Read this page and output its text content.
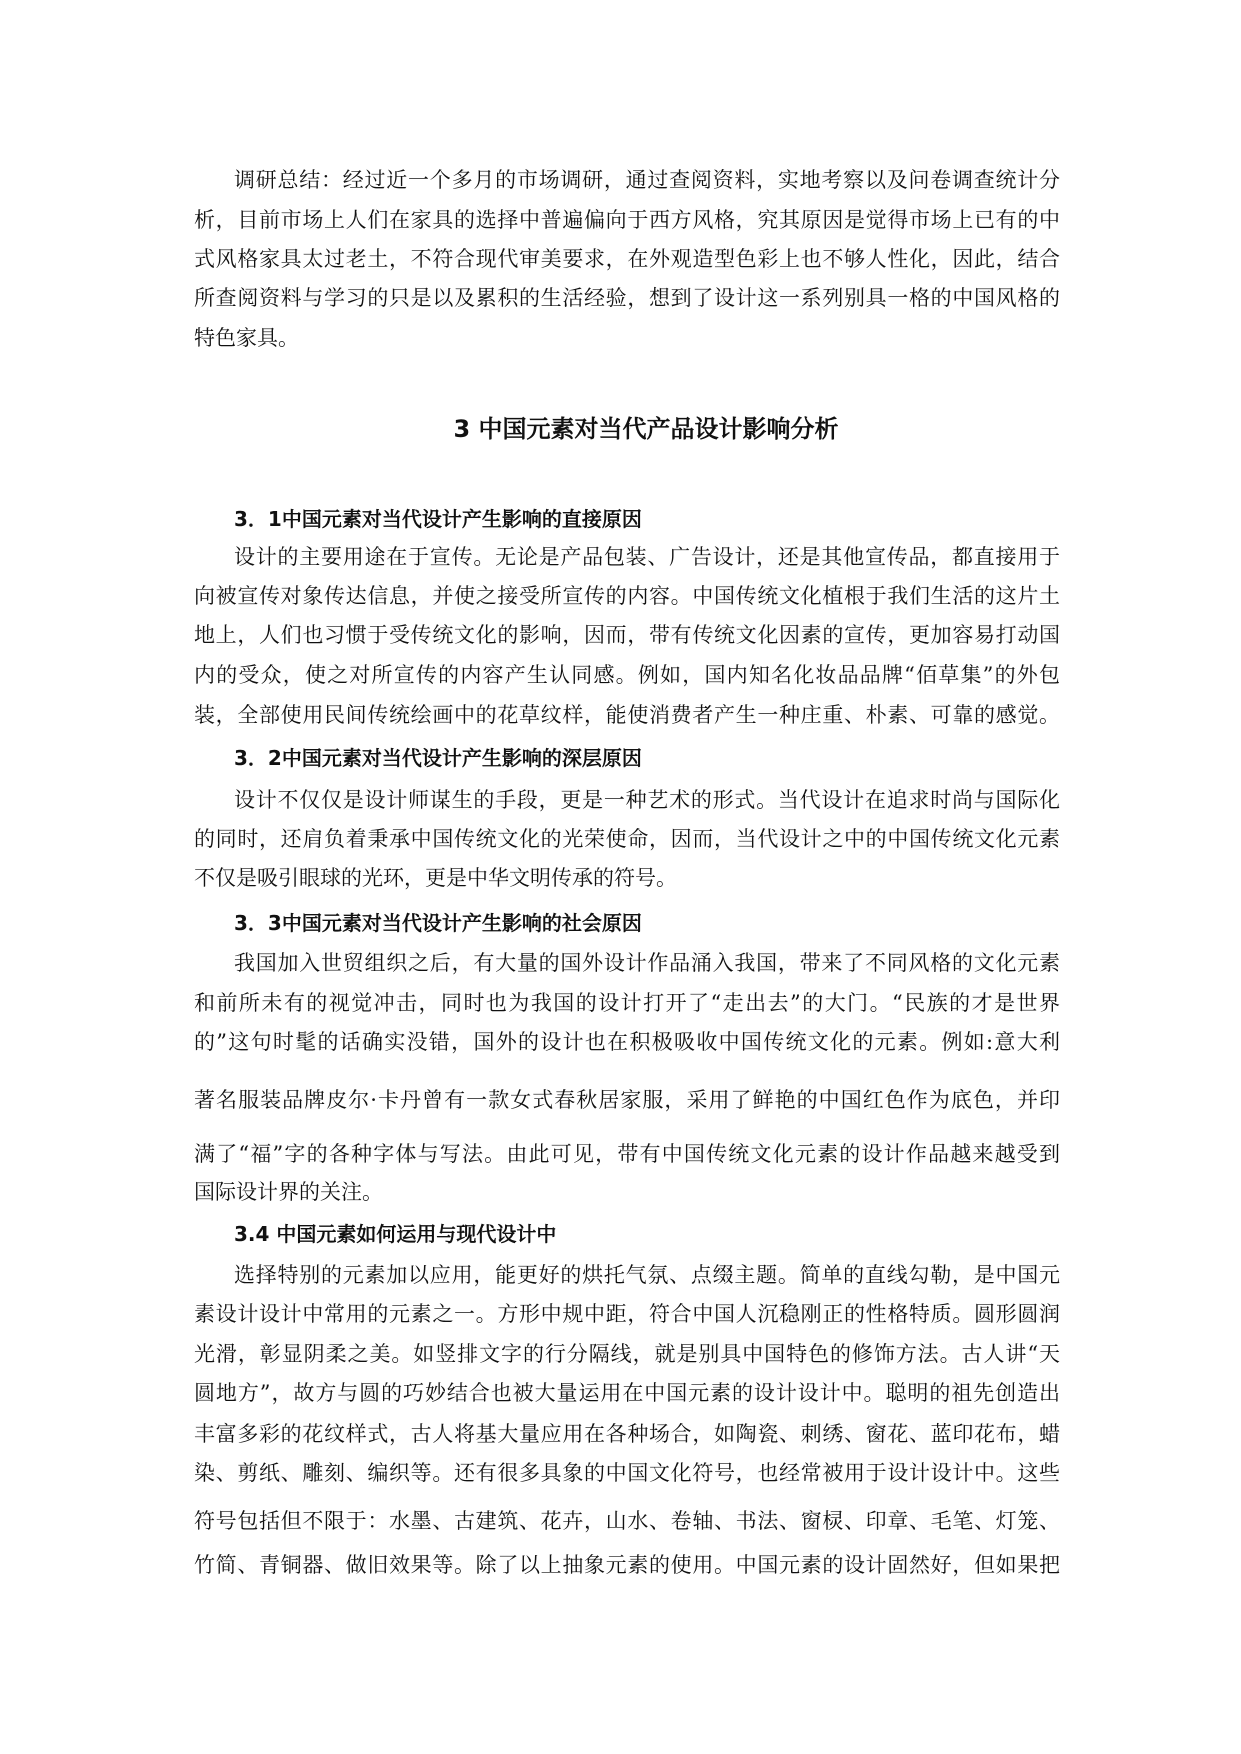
调研总结：经过近一个多月的市场调研，通过查阅资料，实地考察以及问卷调查统计分
析，目前市场上人们在家具的选择中普遍偏向于西方风格，究其原因是觉得市场上已有的中
式风格家具太过老土，不符合现代审美要求，在外观造型色彩上也不够人性化，因此，结合
所查阅资料与学习的只是以及累积的生活经验，想到了设计这一系列别具一格的中国风格的
特色家具。
3 中国元素对当代产品设计影响分析
3．1中国元素对当代设计产生影响的直接原因
设计的主要用途在于宣传。无论是产品包装、广告设计，还是其他宣传品，都直接用于
向被宣传对象传达信息，并使之接受所宣传的内容。中国传统文化植根于我们生活的这片土
地上，人们也习惯于受传统文化的影响，因而，带有传统文化因素的宣传，更加容易打动国
内的受众，使之对所宣传的内容产生认同感。例如，国内知名化妆品品牌“佰草集”的外包
装，全部使用民间传统绘画中的花草纹样，能使消费者产生一种庄重、朴素、可靠的感觉。
3．2中国元素对当代设计产生影响的深层原因
设计不仅仅是设计师谋生的手段，更是一种艺术的形式。当代设计在追求时尚与国际化
的同时，还肩负着秉承中国传统文化的光荣使命，因而，当代设计之中的中国传统文化元素
不仅是吸引眼球的光环，更是中华文明传承的符号。
3．3中国元素对当代设计产生影响的社会原因
我国加入世贸组织之后，有大量的国外设计作品涌入我国，带来了不同风格的文化元素
和前所未有的视觉冲击，同时也为我国的设计打开了“走出去”的大门。“民族的才是世界
的”这句时髦的话确实没错，国外的设计也在积极吸收中国传统文化的元素。例如:意大利
著名服装品牌皮尔·卡丹曾有一款女式春秋居家服，采用了鲜艳的中国红色作为底色，并印
满了“福”字的各种字体与写法。由此可见，带有中国传统文化元素的设计作品越来越受到
国际设计界的关注。
3.4 中国元素如何运用与现代设计中
选择特别的元素加以应用，能更好的烘托气氛、点缀主题。简单的直线勾勒，是中国元
素设计设计中常用的元素之一。方形中规中距，符合中国人沉稳刚正的性格特质。圆形圆润
光滑，彰显阴柔之美。如竖排文字的行分隔线，就是别具中国特色的修饰方法。古人讲“天
圆地方”，故方与圆的巧妙结合也被大量运用在中国元素的设计设计中。聪明的祖先创造出
丰富多彩的花纹样式，古人将基大量应用在各种场合，如陶瓷、刺绣、窗花、蓝印花布，蜡
染、剪纸、雕刻、编织等。还有很多具象的中国文化符号，也经常被用于设计设计中。这些
符号包括但不限于：水墨、古建筑、花卉，山水、卷轴、书法、窗棂、印章、毛笔、灯笼、
竹简、青铜器、做旧效果等。除了以上抽象元素的使用。中国元素的设计固然好，但如果把
